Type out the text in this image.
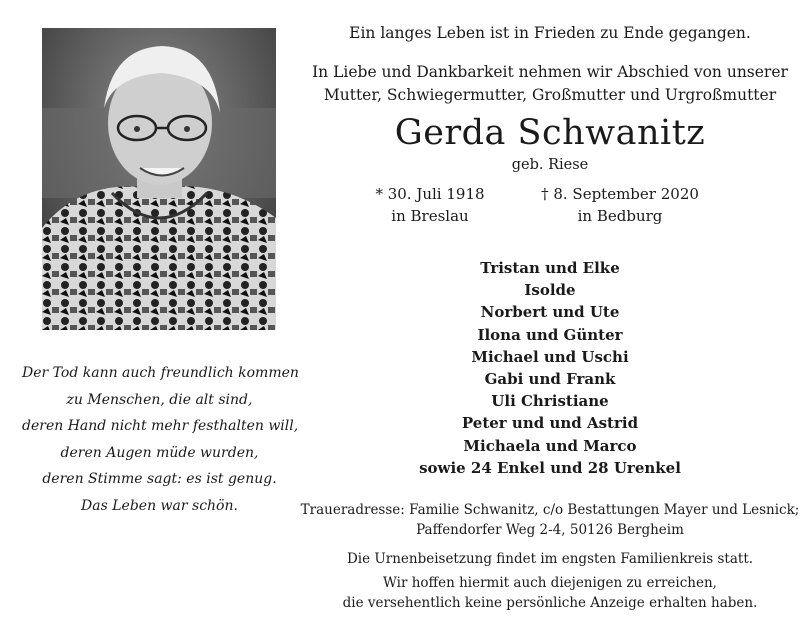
Der Tod kann auch freundlich kommen
zu Menschen, die alt sind,
deren Hand nicht mehr festhalten will,
deren Augen müde wurden,
deren Stimme sagt: es ist genug.
Das Leben war schön.
Ein langes Leben ist in Frieden zu Ende gegangen.
In Liebe und Dankbarkeit nehmen wir Abschied von unserer
Mutter, Schwiegermutter, Großmutter und Urgroßmutter
Gerda Schwanitz
geb. Riese
* 30. Juli 1918
in Breslau
† 8. September 2020
in Bedburg
Tristan und Elke
Isolde
Norbert und Ute
Ilona und Günter
Michael und Uschi
Gabi und Frank
Uli Christiane
Peter und und Astrid
Michaela und Marco
sowie 24 Enkel und 28 Urenkel
Traueradresse: Familie Schwanitz, c/o Bestattungen Mayer und Lesnick;
Paffendorfer Weg 2-4, 50126 Bergheim
Die Urnenbeisetzung findet im engsten Familienkreis statt.
Wir hoffen hiermit auch diejenigen zu erreichen,
die versehentlich keine persönliche Anzeige erhalten haben.
